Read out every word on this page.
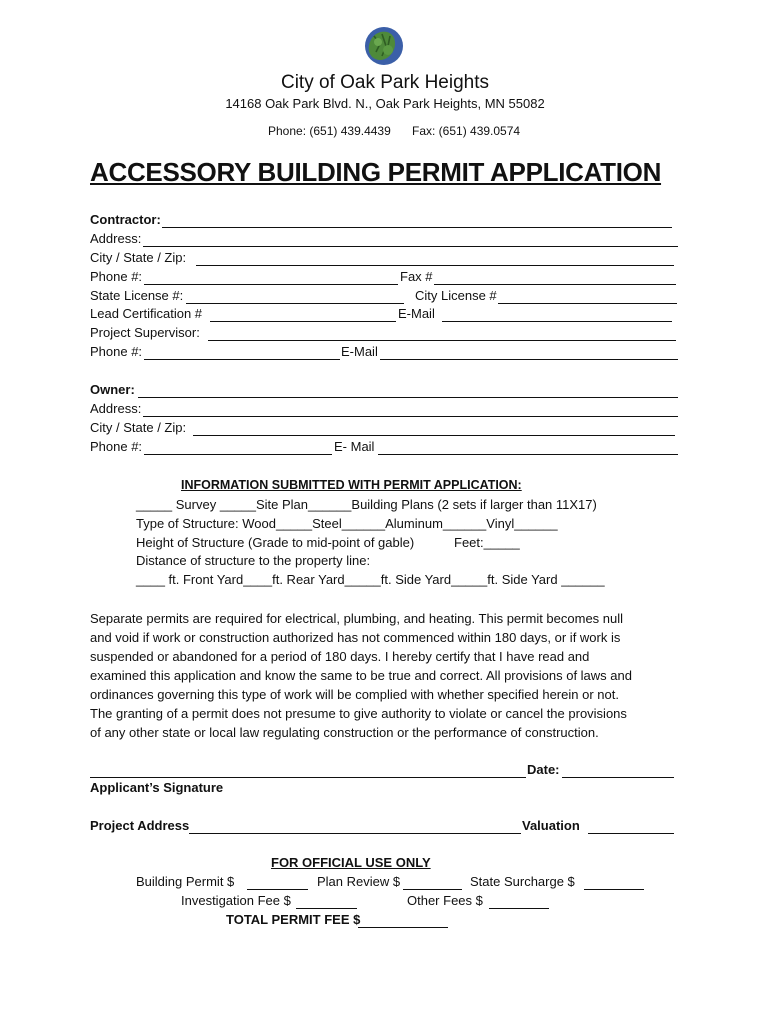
City of Oak Park Heights
14168 Oak Park Blvd. N., Oak Park Heights, MN 55082
Phone: (651) 439.4439 Fax: (651) 439.0574
ACCESSORY BUILDING PERMIT APPLICATION
Contractor:
Address:
City / State / Zip:
Phone #:	Fax #
State License #:	City License #
Lead Certification #	E-Mail
Project Supervisor:
Phone #:	E-Mail
Owner:
Address:
City / State / Zip:
Phone #:	E- Mail
INFORMATION SUBMITTED WITH PERMIT APPLICATION:
_____ Survey _____Site Plan______Building Plans (2 sets if larger than 11X17)
Type of Structure: Wood_____Steel______Aluminum______Vinyl______
Height of Structure (Grade to mid-point of gable)	Feet:_____
Distance of structure to the property line:
____ ft. Front Yard____ft. Rear Yard_____ft. Side Yard_____ft. Side Yard ______
Separate permits are required for electrical, plumbing, and heating. This permit becomes null
and void if work or construction authorized has not commenced within 180 days, or if work is
suspended or abandoned for a period of 180 days. I hereby certify that I have read and
examined this application and know the same to be true and correct. All provisions of laws and
ordinances governing this type of work will be complied with whether specified herein or not.
The granting of a permit does not presume to give authority to violate or cancel the provisions
of any other state or local law regulating construction or the performance of construction.
Date:
Applicant’s Signature
Project Address	Valuation
FOR OFFICIAL USE ONLY
Building Permit $	Plan Review $	State Surcharge $
Investigation Fee $	Other Fees $
TOTAL PERMIT FEE $
